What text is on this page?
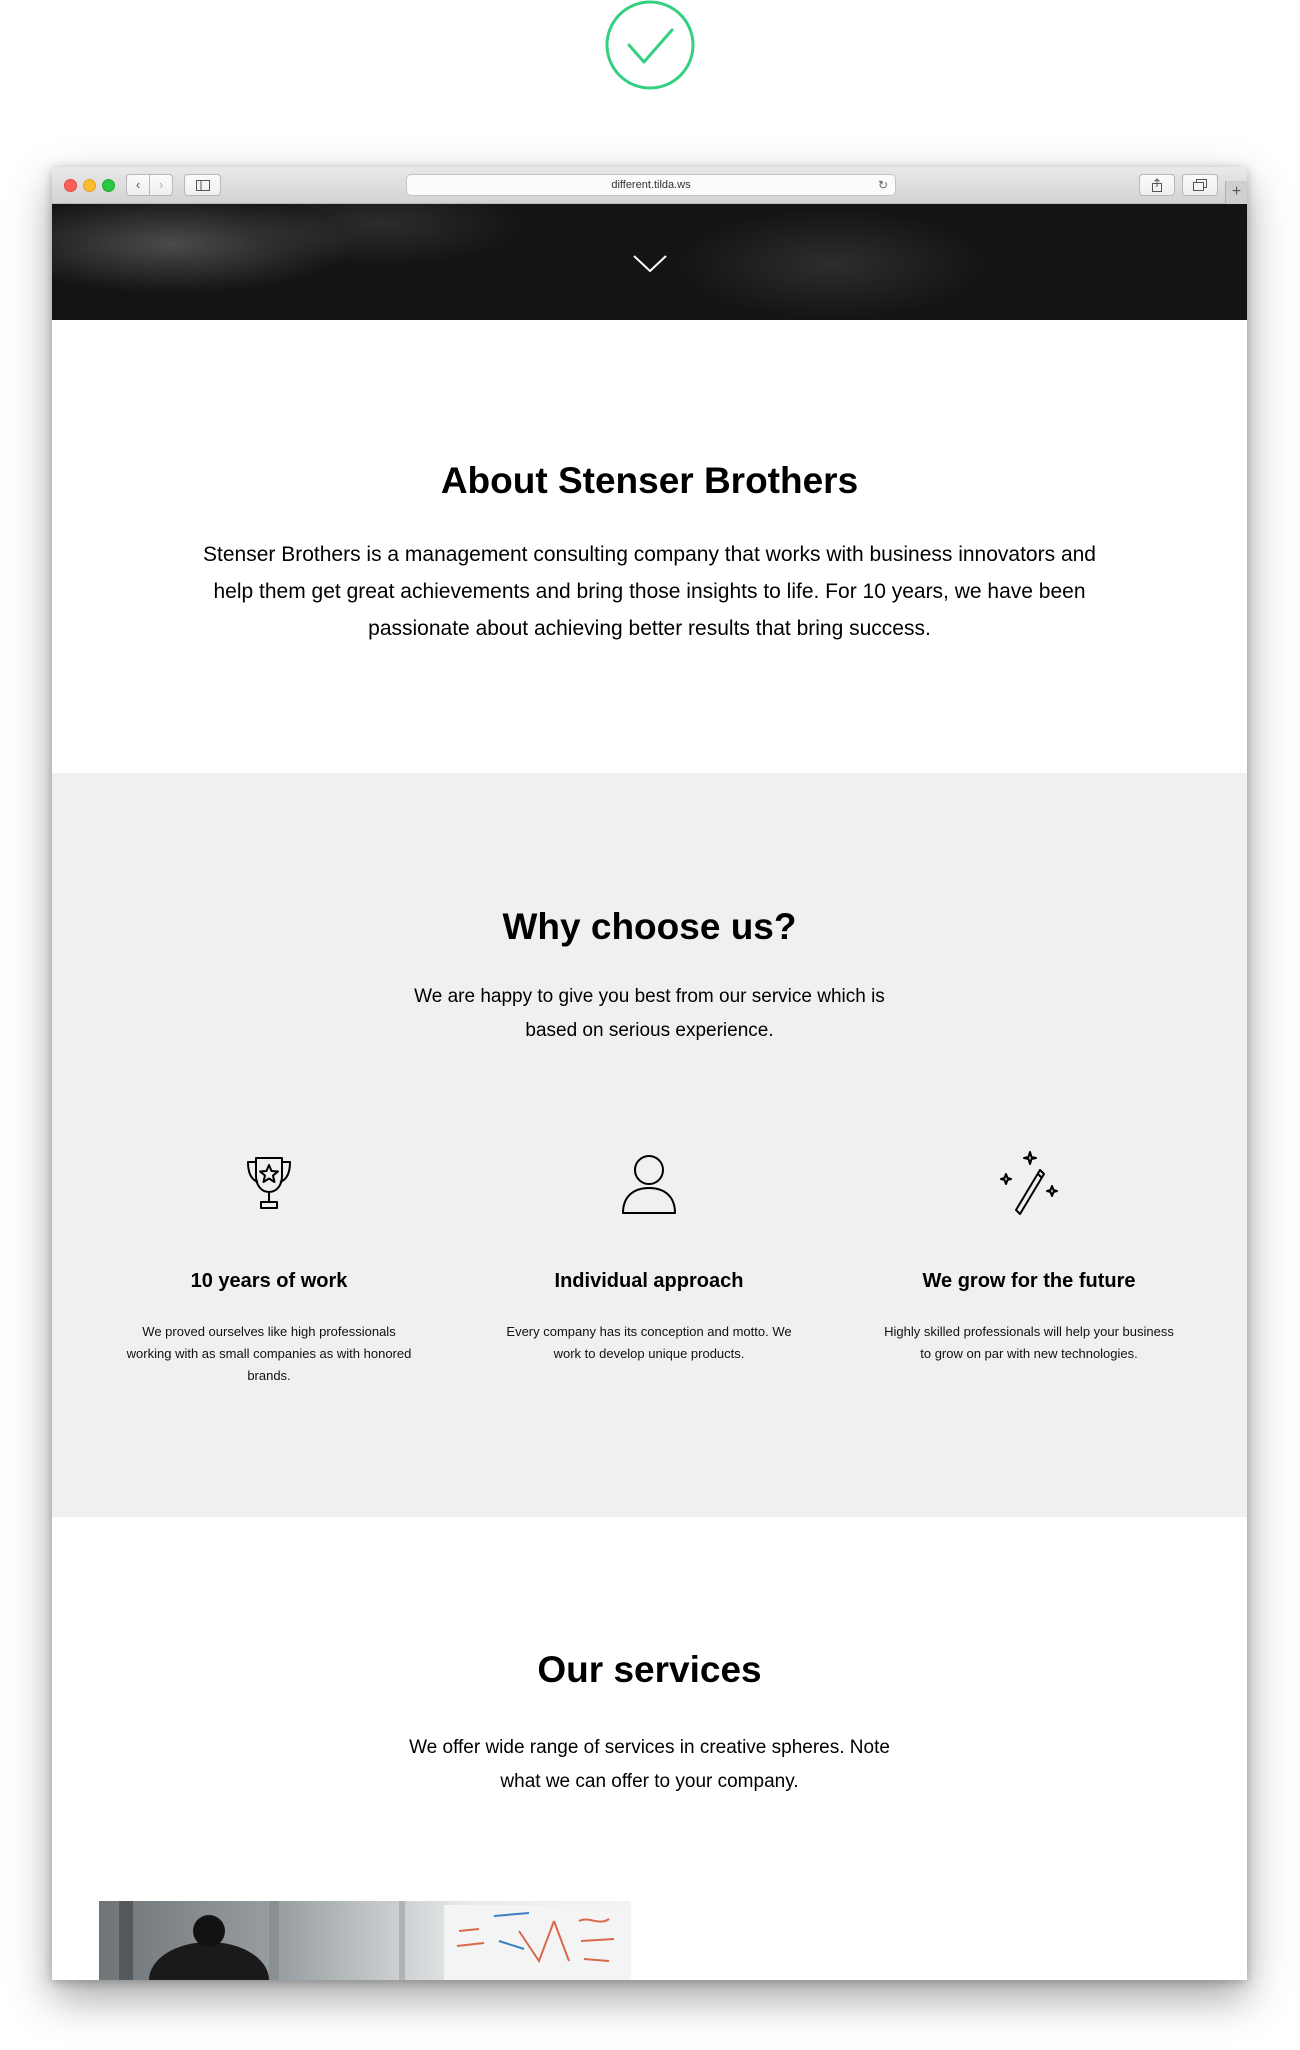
‹	›	different.tilda.ws	↻	+
About Stenser Brothers

Stenser Brothers is a management consulting company that works with business innovators and help them get great achievements and bring those insights to life. For 10 years, we have been passionate about achieving better results that bring success.

Why choose us?

We are happy to give you best from our service which is based on serious experience.

10 years of work

We proved ourselves like high professionals working with as small companies as with honored brands.

Individual approach

Every company has its conception and motto. We work to develop unique products.

We grow for the future

Highly skilled professionals will help your business to grow on par with new technologies.

Our services

We offer wide range of services in creative spheres. Note what we can offer to your company.
